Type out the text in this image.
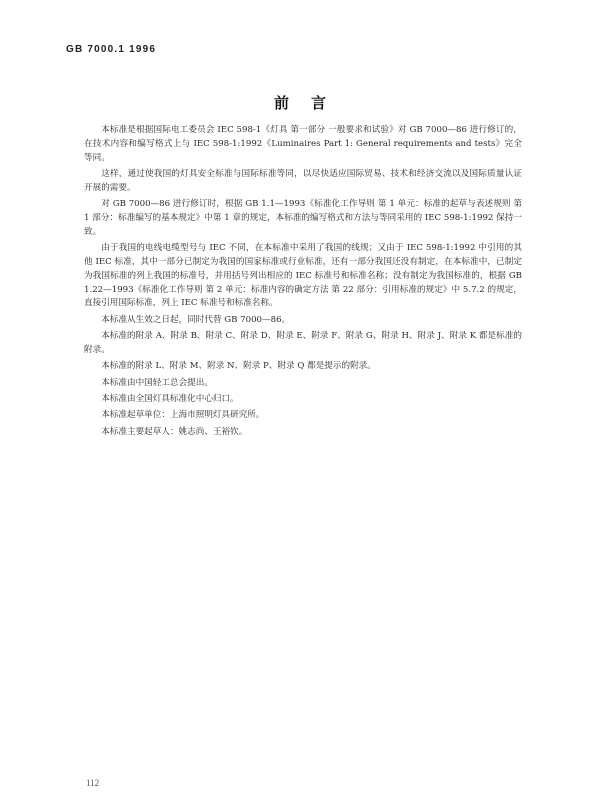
GB 7000.1 1996
前言

本标准是根据国际电工委员会 IEC 598-1《灯具 第一部分 一般要求和试验》对 GB 7000—86 进行修订的，在技术内容和编写格式上与 IEC 598-1:1992《Luminaires Part 1: General requirements and tests》完全等同。

这样，通过使我国的灯具安全标准与国际标准等同，以尽快适应国际贸易、技术和经济交流以及国际质量认证开展的需要。

对 GB 7000—86 进行修订时，根据 GB 1.1—1993《标准化工作导则 第 1 单元：标准的起草与表述规则 第 1 部分：标准编写的基本规定》中第 1 章的规定，本标准的编写格式和方法与等同采用的 IEC 598-1:1992 保持一致。

由于我国的电线电缆型号与 IEC 不同，在本标准中采用了我国的线规；又由于 IEC 598-1:1992 中引用的其他 IEC 标准，其中一部分已制定为我国的国家标准或行业标准，还有一部分我国还没有制定，在本标准中，已制定为我国标准的列上我国的标准号，并用括号列出相应的 IEC 标准号和标准名称；没有制定为我国标准的，根据 GB 1.22—1993《标准化工作导则 第 2 单元：标准内容的确定方法 第 22 部分：引用标准的规定》中 5.7.2 的规定，直接引用国际标准，列上 IEC 标准号和标准名称。

本标准从生效之日起，同时代替 GB 7000—86。

本标准的附录 A、附录 B、附录 C、附录 D、附录 E、附录 F、附录 G、附录 H、附录 J、附录 K 都是标准的附录。

本标准的附录 L、附录 M、附录 N、附录 P、附录 Q 都是提示的附录。

本标准由中国轻工总会提出。

本标准由全国灯具标准化中心归口。

本标准起草单位：上海市照明灯具研究所。

本标准主要起草人：姚志尚、王裕钦。

112
